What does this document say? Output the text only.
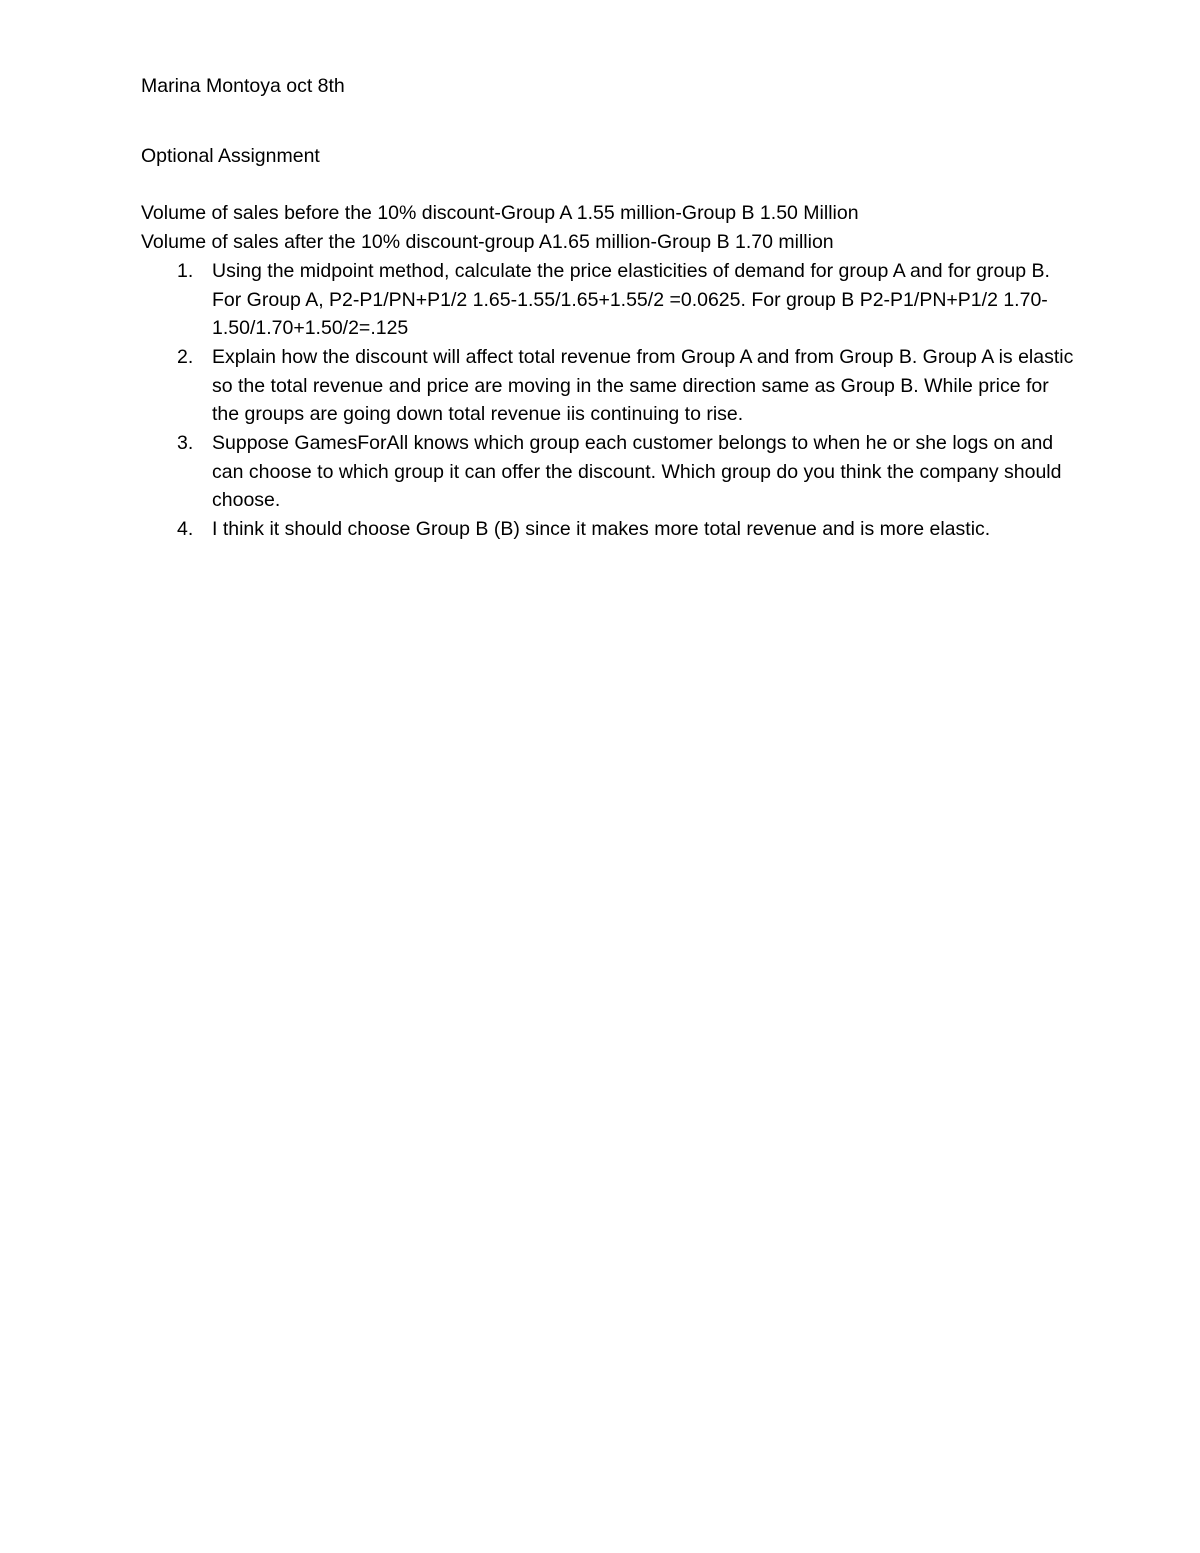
Marina Montoya oct 8th

Optional Assignment

Volume of sales before the 10% discount-Group A 1.55 million-Group B 1.50 Million

Volume of sales after the 10% discount-group A1.65 million-Group B 1.70 million

1. Using the midpoint method, calculate the price elasticities of demand for group A and for group B. For Group A, P2-P1/PN+P1/2 1.65-1.55/1.65+1.55/2 =0.0625. For group B P2-P1/PN+P1/2 1.70-1.50/1.70+1.50/2=.125
2. Explain how the discount will affect total revenue from Group A and from Group B. Group A is elastic so the total revenue and price are moving in the same direction same as Group B. While price for the groups are going down total revenue iis continuing to rise.
3. Suppose GamesForAll knows which group each customer belongs to when he or she logs on and can choose to which group it can offer the discount. Which group do you think the company should choose.
4. I think it should choose Group B (B) since it makes more total revenue and is more elastic.
